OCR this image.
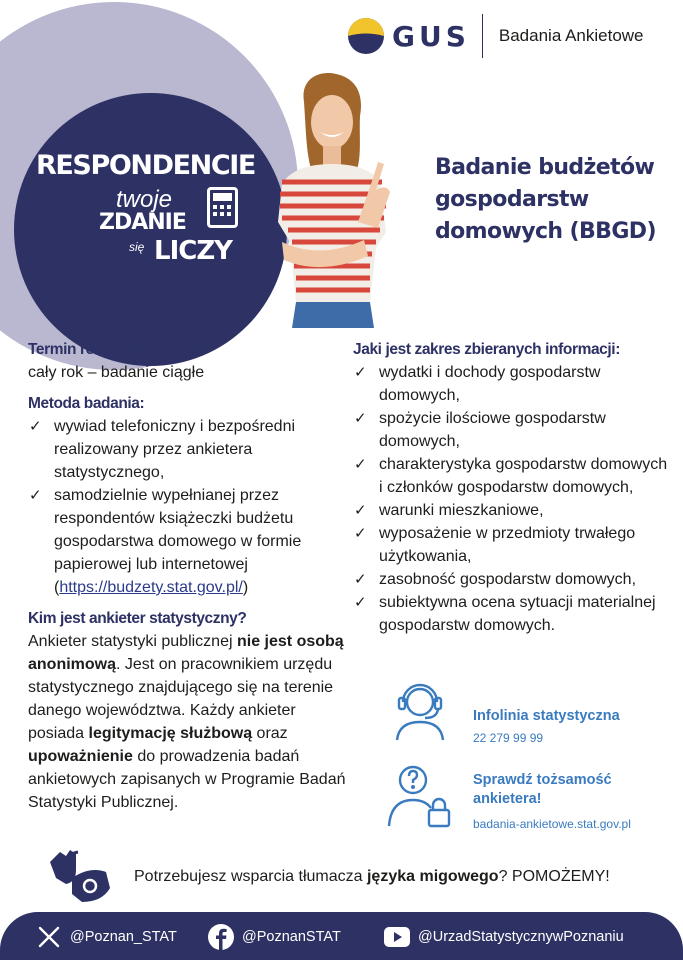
RESPONDENCIE
twoje
ZDANIE
się LICZY
GUS Badania Ankietowe
Badanie budżetów
gospodarstw
domowych (BBGD)
Termin realizacji badania:
cały rok – badanie ciągłe
Metoda badania:
✓ wywiad telefoniczny i bezpośredni realizowany przez ankietera statystycznego,
✓ samodzielnie wypełnianej przez respondentów książeczki budżetu gospodarstwa domowego w formie papierowej lub internetowej
(https://budzety.stat.gov.pl/)
Kim jest ankieter statystyczny?
Ankieter statystyki publicznej nie jest osobą anonimową. Jest on pracownikiem urzędu statystycznego znajdującego się na terenie danego województwa. Każdy ankieter posiada legitymację służbową oraz upoważnienie do prowadzenia badań ankietowych zapisanych w Programie Badań Statystyki Publicznej.
Jaki jest zakres zbieranych informacji:
✓ wydatki i dochody gospodarstw domowych,
✓ spożycie ilościowe gospodarstw domowych,
✓ charakterystyka gospodarstw domowych i członków gospodarstw domowych,
✓ warunki mieszkaniowe,
✓ wyposażenie w przedmioty trwałego użytkowania,
✓ zasobność gospodarstw domowych,
✓ subiektywna ocena sytuacji materialnej gospodarstw domowych.
Infolinia statystyczna
22 279 99 99
Sprawdź tożsamość
ankietera!
badania-ankietowe.stat.gov.pl
Potrzebujesz wsparcia tłumacza języka migowego? POMOŻEMY!
@Poznan_STAT	@PoznanSTAT	@UrzadStatystycznywPoznaniu
